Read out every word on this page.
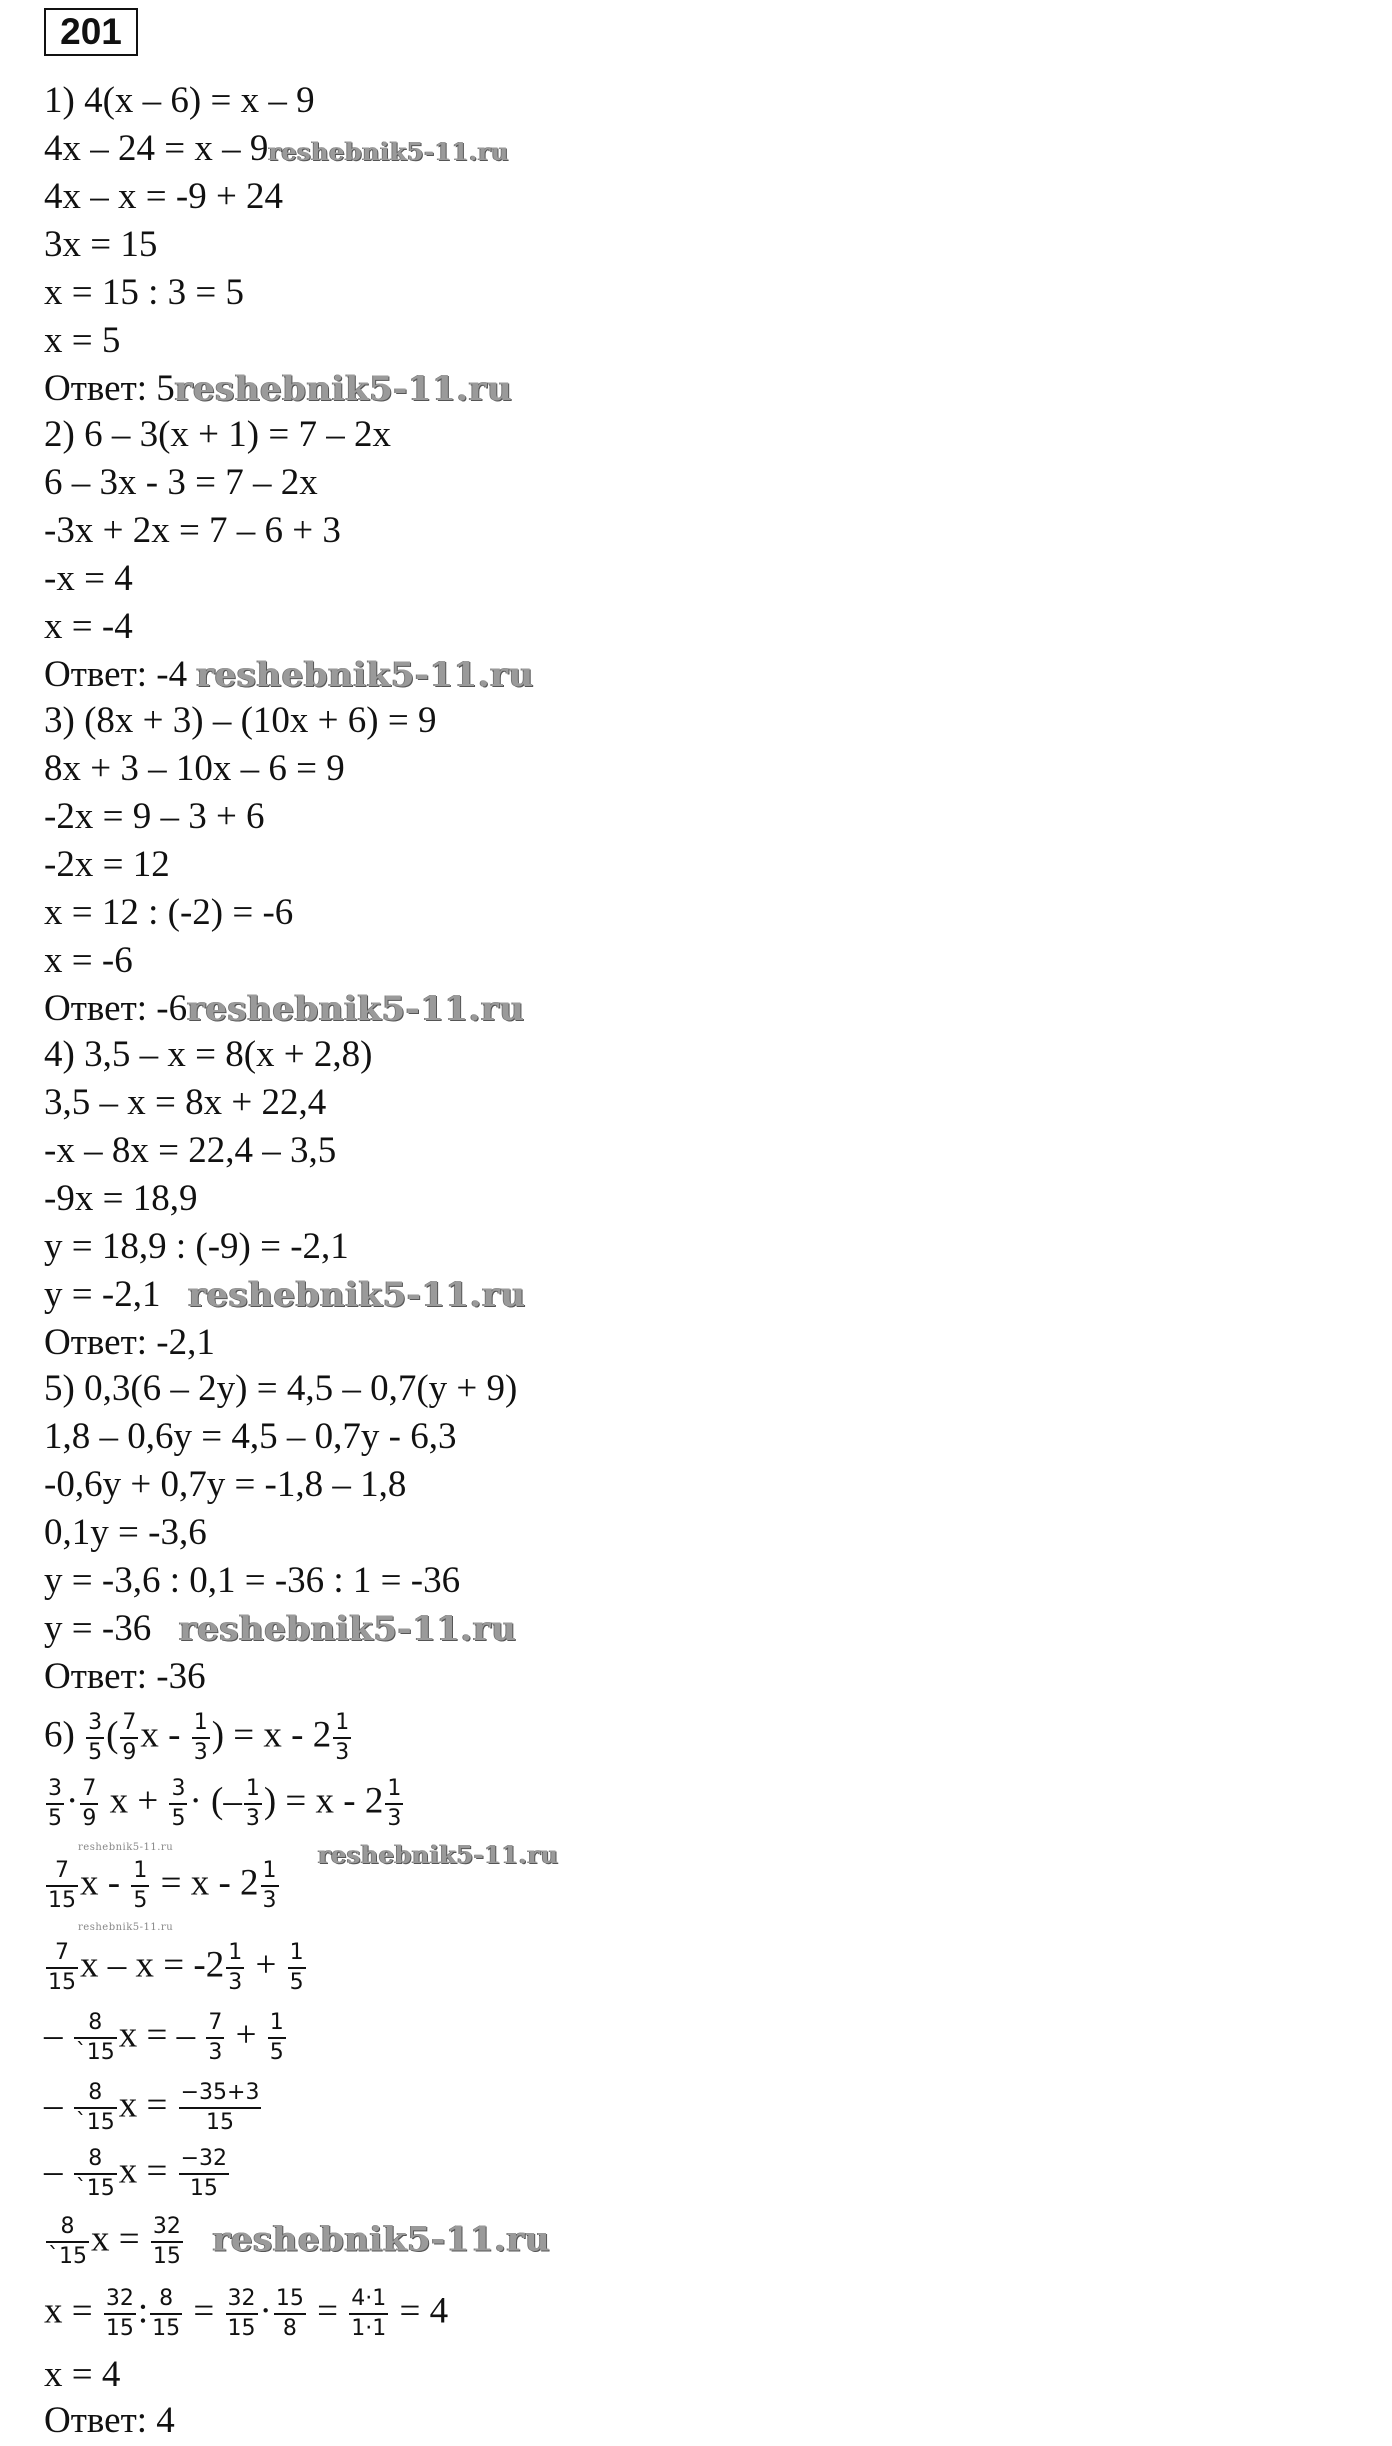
201
1) 4(x – 6) = x – 9
4x – 24 = x – 9reshebnik5-11.ru
4x – x = -9 + 24
3x = 15
x = 15 : 3 = 5
x = 5
Ответ: 5reshebnik5-11.ru
2) 6 – 3(x + 1) = 7 – 2x
6 – 3x - 3 = 7 – 2x
-3x + 2x = 7 – 6 + 3
-x = 4
x = -4
Ответ: -4 reshebnik5-11.ru
3) (8x + 3) – (10x + 6) = 9
8x + 3 – 10x – 6 = 9
-2x = 9 – 3 + 6
-2x = 12
x = 12 : (-2) = -6
x = -6
Ответ: -6reshebnik5-11.ru
4) 3,5 – x = 8(x + 2,8)
3,5 – x = 8x + 22,4
-x – 8x = 22,4 – 3,5
-9x = 18,9
y = 18,9 : (-9) = -2,1
y = -2,1 reshebnik5-11.ru
Ответ: -2,1
5) 0,3(6 – 2y) = 4,5 – 0,7(y + 9)
1,8 – 0,6y = 4,5 – 0,7y - 6,3
-0,6y + 0,7y = -1,8 – 1,8
0,1y = -3,6
y = -3,6 : 0,1 = -36 : 1 = -36
y = -36 reshebnik5-11.ru
Ответ: -36
$6) \frac{3}{5}$ ( $\frac{7}{9}$ x - $\frac{1}{3}$ ) = x - $2 \frac{1}{3}$
$\frac{3}{5} \cdot \frac{7}{9}$ $x + \frac{3}{5}$ · (– $\frac{1}{3}$ ) = x - $2 \frac{1}{3}$
reshebnik5-11.ru	reshebnik5-11.ru
$\frac{7}{15}$ $x - \frac{1}{5} = x - 2 \frac{1}{3}$
reshebnik5-11.ru
$\frac{7}{15}$ $x - x = -2 \frac{1}{3} + \frac{1}{5}$
– $\frac{8}{`15}$ x = – $\frac{7}{3} + \frac{1}{5}$
– $\frac{8}{`15}$ $x = \frac{-35+3}{15}$
– $\frac{8}{`15}$ $x = \frac{-32}{15}$
$\frac{8}{`15}$ $x = \frac{32}{15}$ reshebnik5-11.ru
$x = \frac{32}{15}$ : $\frac{8}{15} = \frac{32}{15} \cdot \frac{15}{8} = \frac{4\cdot 1}{1\cdot 1} = 4$
x = 4
Ответ: 4
